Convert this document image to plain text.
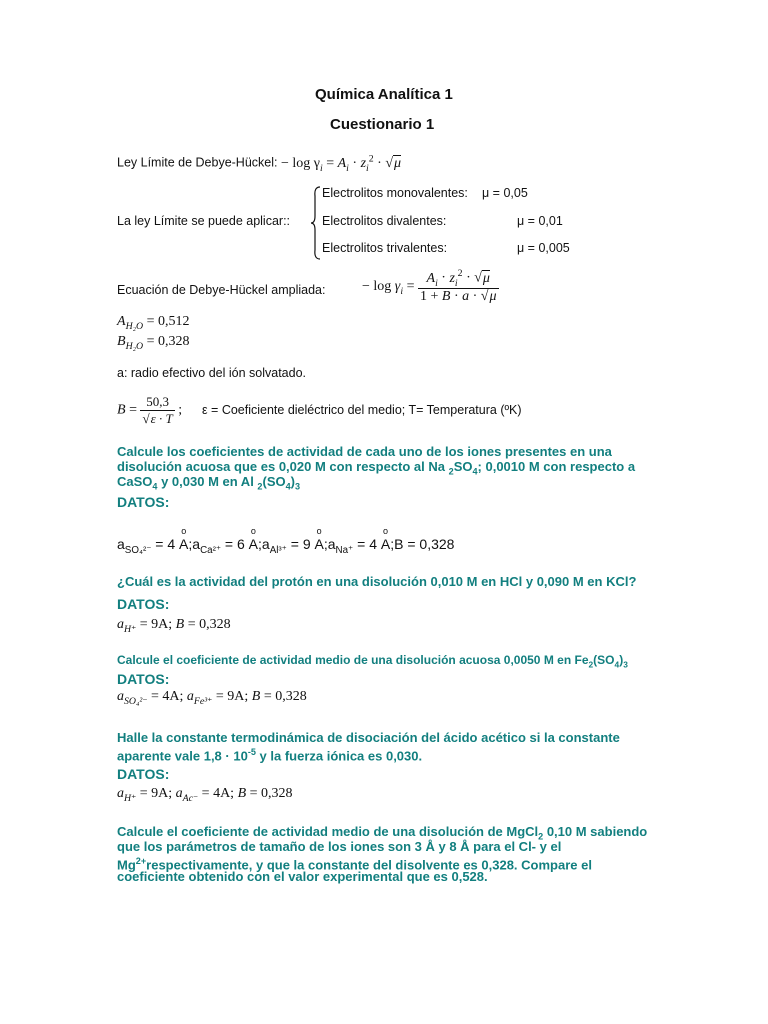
Química Analítica 1
Cuestionario 1
Ley Límite de Debye-Hückel: − $\log \gamma_i = A_i \cdot z_i^2 \cdot √\mu$
La ley Límite se puede aplicar::
Electrolitos monovalentes: μ = 0,05
Electrolitos divalentes:	μ = 0,01
Electrolitos trivalentes:	μ = 0,005
Ecuación de Debye-Hückel ampliada:	− $\log \gamma_i = \frac{A_i \cdot z_i^2 \cdot √\mu}{1 + B \cdot a \cdot √\mu}$
$A_{H_2O} = 0,512$
$B_{H_2O} = 0,328$
a: radio efectivo del ión solvatado.
$B = \frac{50,3}{√\varepsilon \cdot T}$ ; ε = Coeficiente dieléctrico del medio; T= Temperatura (ºK)
Calcule los coeficientes de actividad de cada uno de los iones presentes en una
disolución acuosa que es 0,020 M con respecto al Na $_2SO_4$; 0,0010 M con respecto a
CaSO$_4$ y 0,030 M en Al $_2(SO_4)_3$
DATOS:
$a_{SO_4^{2-}} = 4$ o $A;a_{Ca^{2+}} = 6$ o $A;a_{Al^{3+}} = 9$ o $A;a_{Na^+} = 4$ o A;B = 0,328
¿Cuál es la actividad del protón en una disolución 0,010 M en HCl y 0,090 M en KCl?
DATOS:
$a_{H^+} = 9A$; B = 0,328
Calcule el coeficiente de actividad medio de una disolución acuosa 0,0050 M en $Fe_2(SO_4)_3$
DATOS:
$a_{SO_4^{2-}} = 4A$; $a_{Fe^{3+}} = 9A$; B = 0,328
Halle la constante termodinámica de disociación del ácido acético si la constante
aparente vale $1,8 \cdot 10^{-5}$ y la fuerza iónica es 0,030.
DATOS:
$a_{H^+} = 9A$; $a_{Ac^-} = 4A$; B = 0,328
Calcule el coeficiente de actividad medio de una disolución de MgCl$_2$ 0,10 M sabiendo
que los parámetros de tamaño de los iones son 3 Å y 8 Å para el Cl- y el
$Mg^{2+}respectivamente$, y que la constante del disolvente es 0,328. Compare el
coeficiente obtenido con el valor experimental que es 0,528.
